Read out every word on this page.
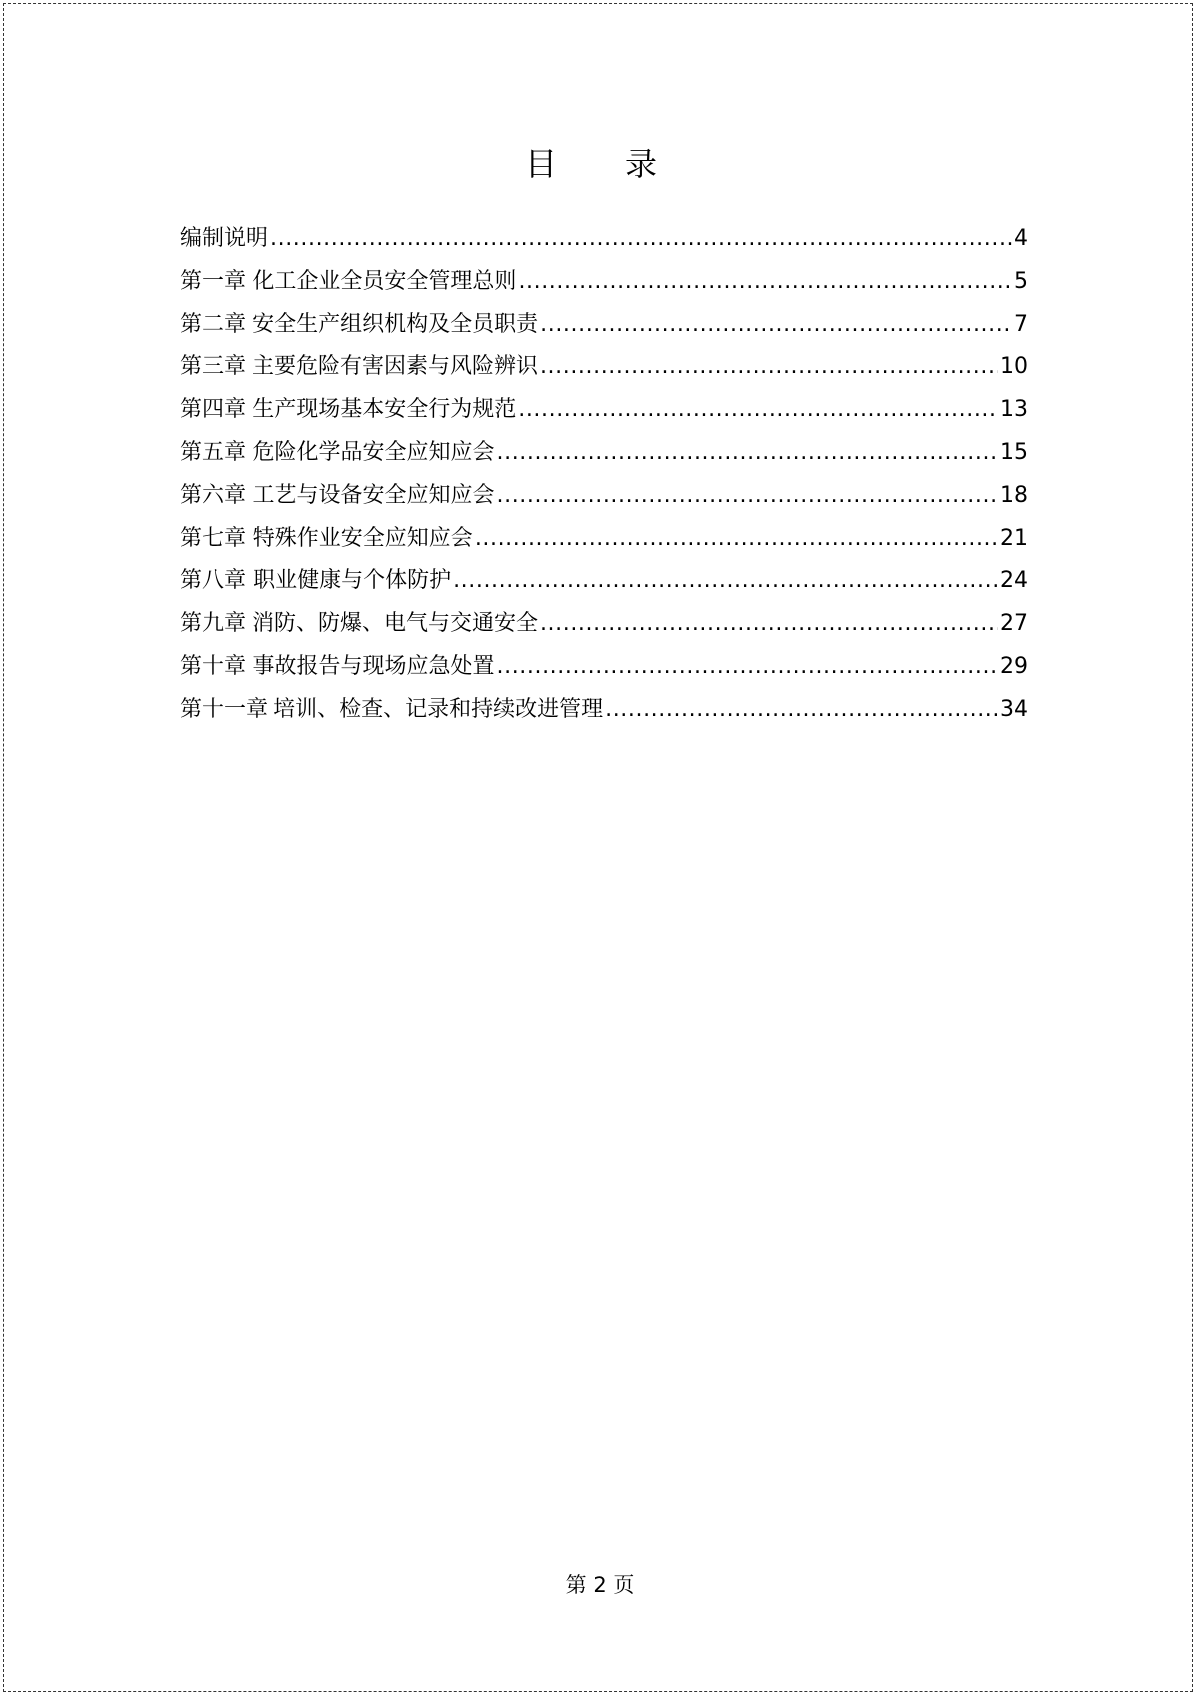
目　录
编制说明 .....	4
第一章 化工企业全员安全管理总则 .....	5
第二章 安全生产组织机构及全员职责 .....	7
第三章 主要危险有害因素与风险辨识 .....	10
第四章 生产现场基本安全行为规范 .....	13
第五章 危险化学品安全应知应会 .....	15
第六章 工艺与设备安全应知应会 .....	18
第七章 特殊作业安全应知应会 .....	21
第八章 职业健康与个体防护 .....	24
第九章 消防、防爆、电气与交通安全 .....	27
第十章 事故报告与现场应急处置 .....	29
第十一章 培训、检查、记录和持续改进管理 .....	34
第 2 页
